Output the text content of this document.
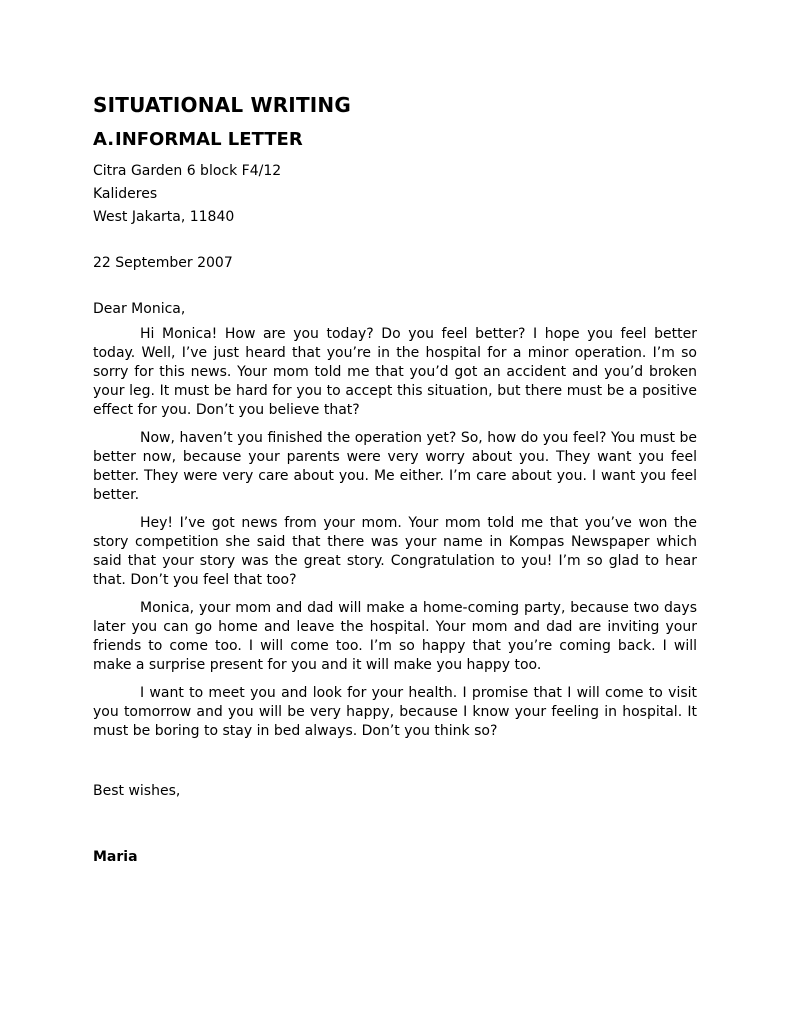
SITUATIONAL WRITING
A. INFORMAL LETTER
Citra Garden 6 block F4/12
Kalideres
West Jakarta, 11840
22 September 2007
Dear Monica,

Hi Monica! How are you today? Do you feel better? I hope you feel better today. Well, I’ve just heard that you’re in the hospital for a minor operation. I’m so sorry for this news. Your mom told me that you’d got an accident and you’d broken your leg. It must be hard for you to accept this situation, but there must be a positive effect for you. Don’t you believe that?

Now, haven’t you finished the operation yet? So, how do you feel? You must be better now, because your parents were very worry about you. They want you feel better. They were very care about you. Me either. I’m care about you. I want you feel better.

Hey! I’ve got news from your mom. Your mom told me that you’ve won the story competition she said that there was your name in Kompas Newspaper which said that your story was the great story. Congratulation to you! I’m so glad to hear that. Don’t you feel that too?

Monica, your mom and dad will make a home-coming party, because two days later you can go home and leave the hospital. Your mom and dad are inviting your friends to come too. I will come too. I’m so happy that you’re coming back. I will make a surprise present for you and it will make you happy too.

I want to meet you and look for your health. I promise that I will come to visit you tomorrow and you will be very happy, because I know your feeling in hospital. It must be boring to stay in bed always. Don’t you think so?

Best wishes,
Maria
